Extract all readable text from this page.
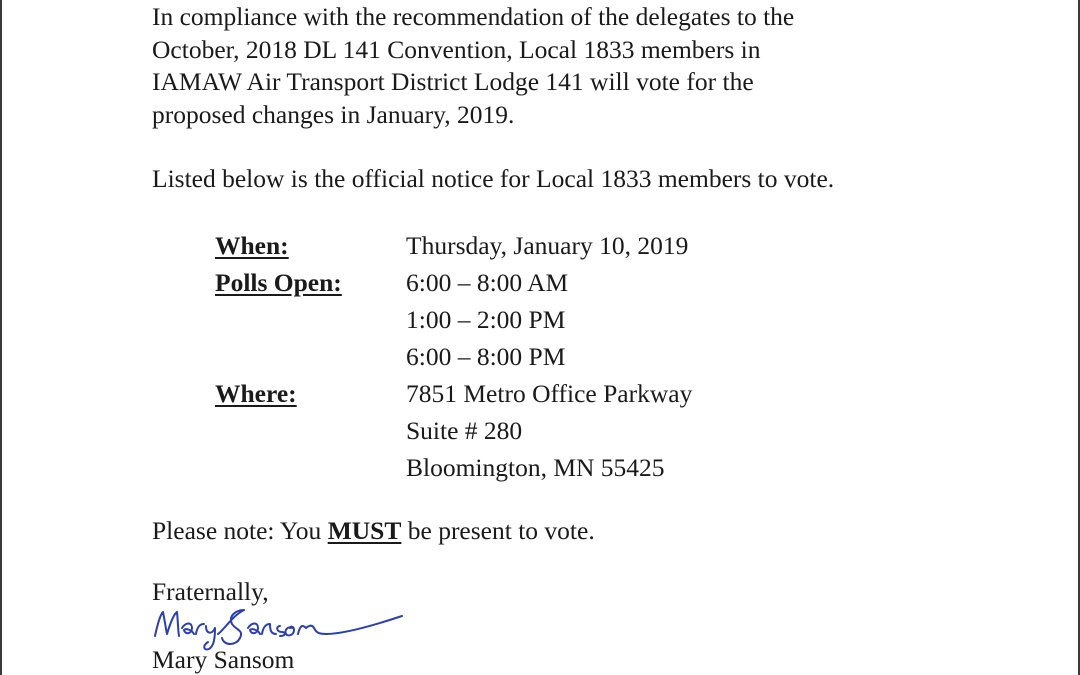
In compliance with the recommendation of the delegates to the
October, 2018 DL 141 Convention, Local 1833 members in
IAMAW Air Transport District Lodge 141 will vote for the
proposed changes in January, 2019.

Listed below is the official notice for Local 1833 members to vote.

When:	Thursday, January 10, 2019
Polls Open:	6:00 – 8:00 AM
1:00 – 2:00 PM
6:00 – 8:00 PM
Where:	7851 Metro Office Parkway
Suite # 280
Bloomington, MN 55425

Please note: You MUST be present to vote.

Fraternally,

Mary Sansom
